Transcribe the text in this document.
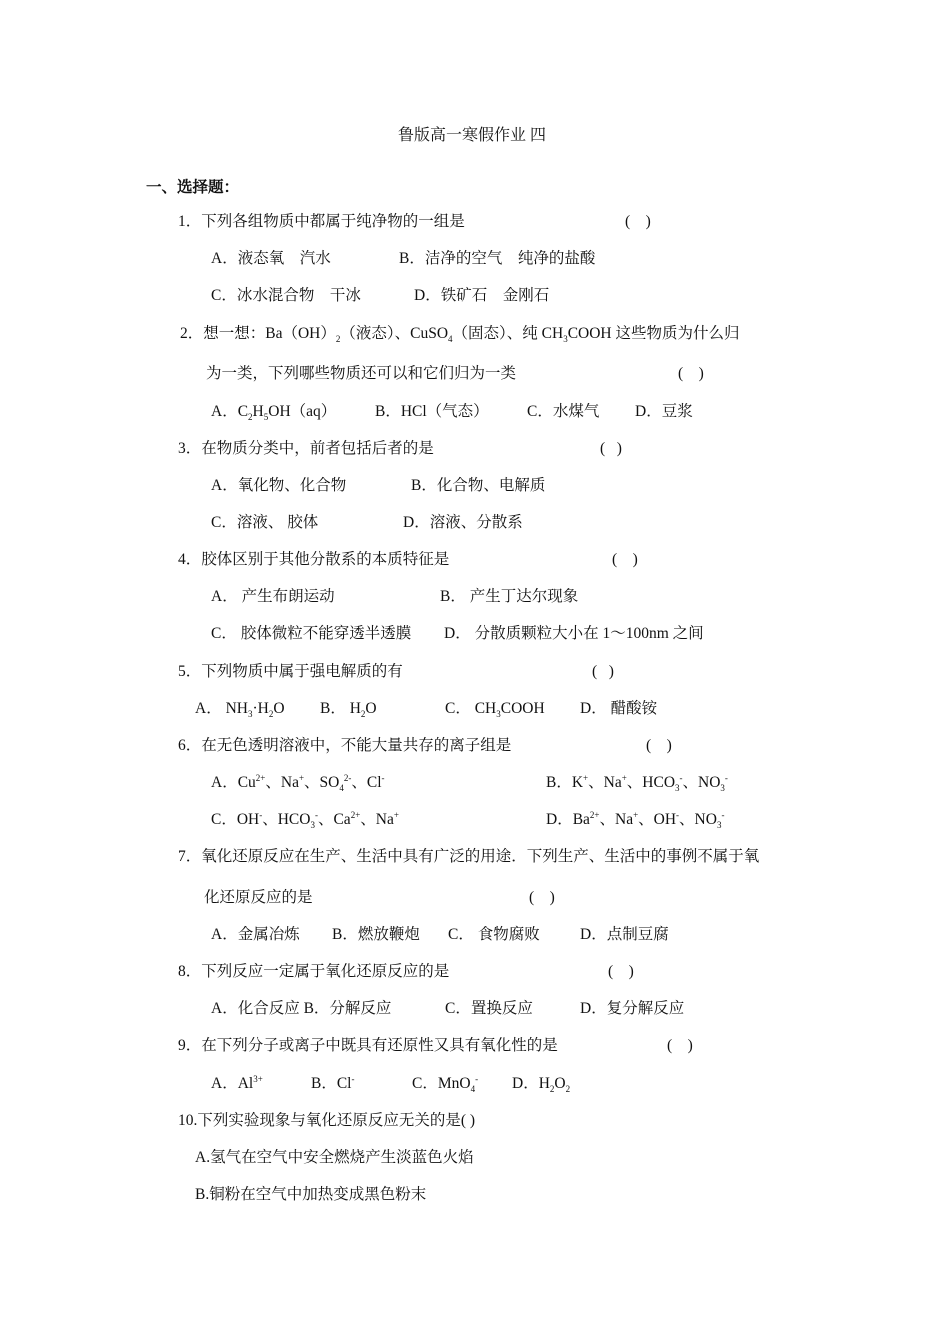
鲁版高一寒假作业 四
一、选择题：
1．下列各组物质中都属于纯净物的一组是	(    )
A．液态氧　汽水	B．洁净的空气　纯净的盐酸
C．冰水混合物　干冰	D．铁矿石　金刚石
2．想一想：$Ba(OH)_2$（液态）、CuSO$_4$（固态）、纯 $CH_3COOH$ 这些物质为什么归
为一类，下列哪些物质还可以和它们归为一类	(    )
A．$C_2H_5OH(aq)$ B．HCl（气态） C．水煤气 D．豆浆
3．在物质分类中，前者包括后者的是	(   )
A．氧化物、化合物	B．化合物、电解质
C．溶液、 胶体	D．溶液、分散系
4．胶体区别于其他分散系的本质特征是	(    )
A． 产生布朗运动	B． 产生丁达尔现象
C． 胶体微粒不能穿透半透膜 D． 分散质颗粒大小在 1～100nm 之间
5．下列物质中属于强电解质的有	(   )
A． $NH_3\cdot H_2O$ B． $H_2O$	C． $CH_3COOH$ D． 醋酸铵
6．在无色透明溶液中，不能大量共存的离子组是	(    )
A．$Cu^{2+}$、Na+、$SO_4^{2-}$、Cl-	B．K+、Na+、$HCO_3^-$、$NO_3^-$
C．OH-、$HCO_3^-$、$Ca^{2+}$、Na+	D．$Ba^{2+}$、Na+、OH-、$NO_3^-$
7．氧化还原反应在生产、生活中具有广泛的用途．下列生产、生活中的事例不属于氧
化还原反应的是	(    )
A．金属冶炼 B．燃放鞭炮 C． 食物腐败	D．点制豆腐
8．下列反应一定属于氧化还原反应的是	(    )
A．化合反应 B．分解反应	C．置换反应	D．复分解反应
9．在下列分子或离子中既具有还原性又具有氧化性的是	(    )
A．$Al^{3+}$	B．Cl-	C．MnO$_4$- D．$H_2O_2$
10.下列实验现象与氧化还原反应无关的是( )
A.氢气在空气中安全燃烧产生淡蓝色火焰
B.铜粉在空气中加热变成黑色粉末
